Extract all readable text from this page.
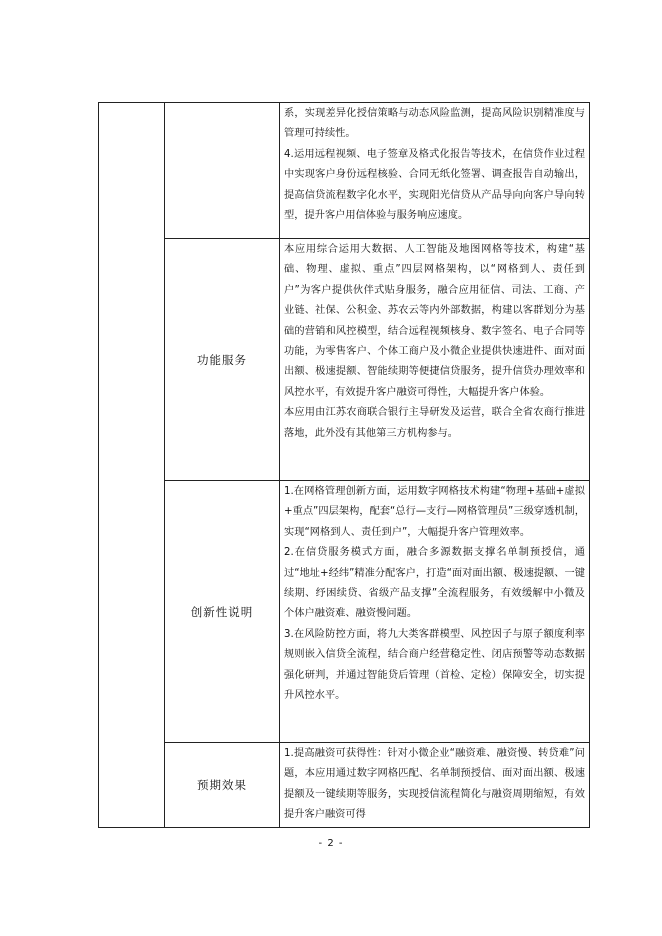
		系，实现差异化授信策略与动态风险监测，提高风险识别精准度与管理可持续性。

4.运用远程视频、电子签章及格式化报告等技术，在信贷作业过程中实现客户身份远程核验、合同无纸化签署、调查报告自动输出，提高信贷流程数字化水平，实现阳光信贷从产品导向向客户导向转型，提升客户用信体验与服务响应速度。

	功能服务	本应用综合运用大数据、人工智能及地图网格等技术，构建“基础、物理、虚拟、重点”四层网格架构，以“网格到人、责任到户”为客户提供伙伴式贴身服务，融合应用征信、司法、工商、产业链、社保、公积金、苏农云等内外部数据，构建以客群划分为基础的营销和风控模型，结合远程视频核身、数字签名、电子合同等功能，为零售客户、个体工商户及小微企业提供快速进件、面对面出额、极速提额、智能续期等便捷信贷服务，提升信贷办理效率和风控水平，有效提升客户融资可得性，大幅提升客户体验。

本应用由江苏农商联合银行主导研发及运营，联合全省农商行推进落地，此外没有其他第三方机构参与。

	创新性说明	1.在网格管理创新方面，运用数字网格技术构建“物理+基础+虚拟+重点”四层架构，配套“总行—支行—网格管理员”三级穿透机制，实现“网格到人、责任到户”，大幅提升客户管理效率。

2.在信贷服务模式方面，融合多源数据支撑名单制预授信，通过“地址+经纬”精准分配客户，打造“面对面出额、极速提额、一键续期、纾困续贷、省级产品支撑”全流程服务，有效缓解中小微及个体户融资难、融资慢问题。

3.在风险防控方面，将九大类客群模型、风控因子与原子额度利率规则嵌入信贷全流程，结合商户经营稳定性、闭店预警等动态数据强化研判，并通过智能贷后管理（首检、定检）保障安全，切实提升风控水平。

	预期效果	1.提高融资可获得性：针对小微企业“融资难、融资慢、转贷难”问题，本应用通过数字网格匹配、名单制预授信、面对面出额、极速提额及一键续期等服务，实现授信流程简化与融资周期缩短，有效提升客户融资可得

- 2 -
